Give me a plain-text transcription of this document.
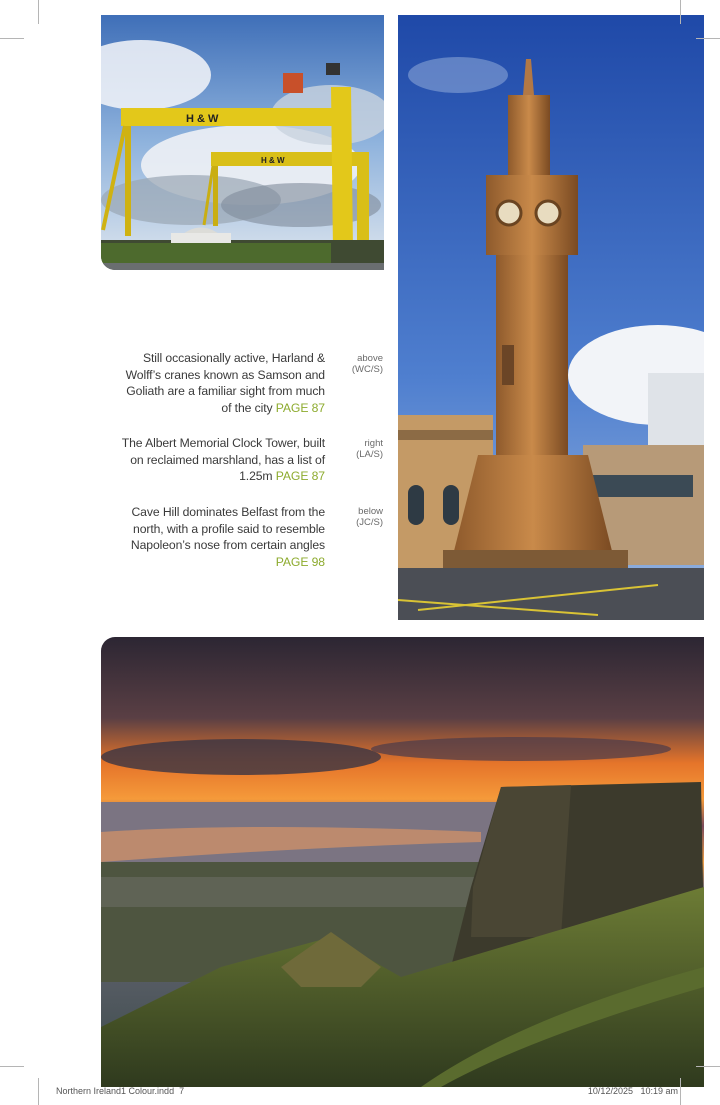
H & W
H & W
Still occasionally active, Harland & Wolff’s cranes known as Samson and Goliath are a familiar sight from much of the city PAGE 87
above
(WC/S)
The Albert Memorial Clock Tower, built on reclaimed marshland, has a list of 1.25m PAGE 87
right
(LA/S)
Cave Hill dominates Belfast from the north, with a profile said to resemble Napoleon’s nose from certain angles PAGE 98
below
(JC/S)
Northern Ireland1 Colour.indd 7	10/12/2025   10:19 am
